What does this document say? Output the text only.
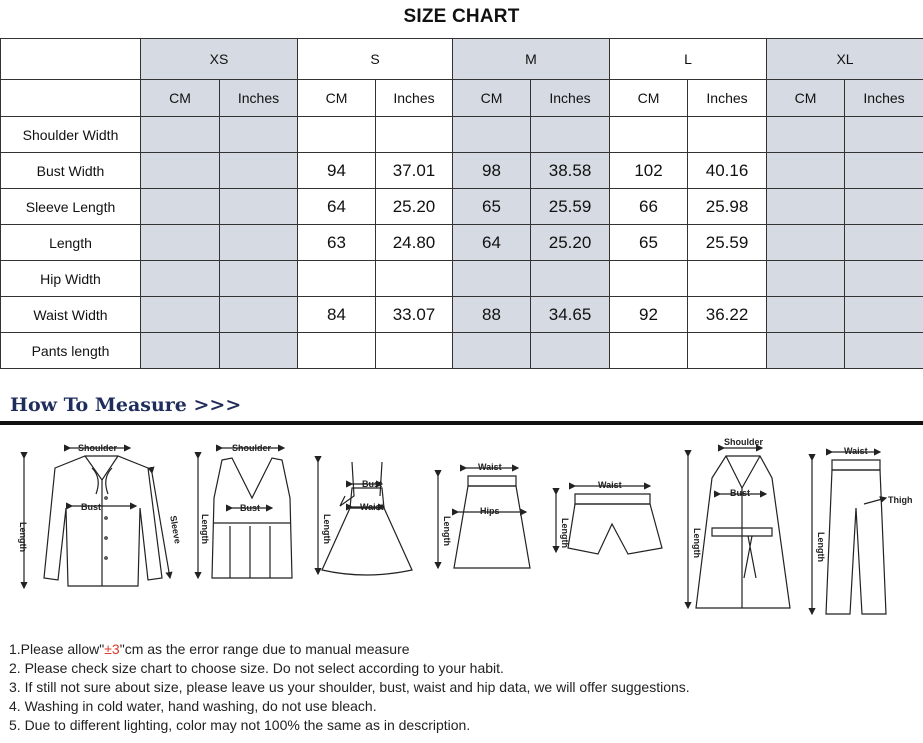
SIZE CHART
	XS		S		M		L		XL	
	CM	Inches	CM	Inches	CM	Inches	CM	Inches	CM	Inches
Shoulder Width										
Bust Width			94	37.01	98	38.58	102	40.16		
Sleeve Length			64	25.20	65	25.59	66	25.98		
Length			63	24.80	64	25.20	65	25.59		
Hip Width										
Waist Width			84	33.07	88	34.65	92	36.22		
Pants length										
How To Measure >>>
Shoulder
Bust
Length	Sleeve
Shoulder
Bust
Length
Bust
Waist
Length
Waist
Hips
Length
Waist
Length
Shoulder
Bust
Length
Waist
Thigh
Length
1.Please allow"±3"cm as the error range due to manual measure
2. Please check size chart to choose size. Do not select according to your habit.
3. If still not sure about size, please leave us your shoulder, bust, waist and hip data, we will offer suggestions.
4. Washing in cold water, hand washing, do not use bleach.
5. Due to different lighting, color may not 100% the same as in description.
